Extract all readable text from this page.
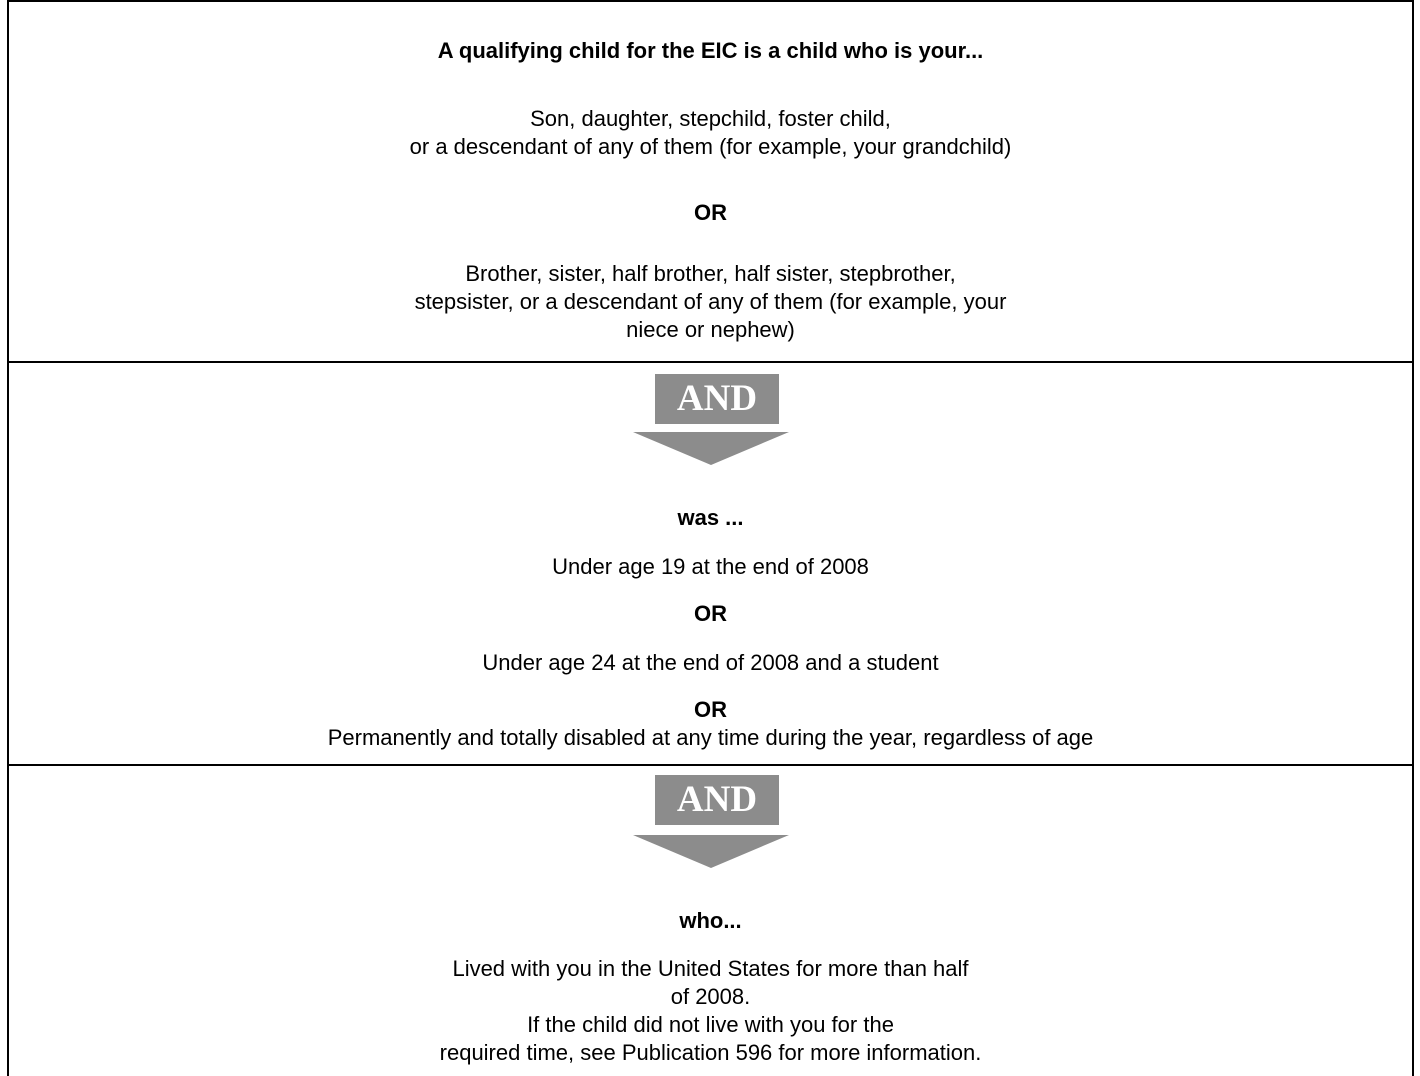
A qualifying child for the EIC is a child who is your...
Son, daughter, stepchild, foster child,
or a descendant of any of them (for example, your grandchild)
OR
Brother, sister, half brother, half sister, stepbrother,
stepsister, or a descendant of any of them (for example, your
niece or nephew)
AND
was ...
Under age 19 at the end of 2008
OR
Under age 24 at the end of 2008 and a student
OR
Permanently and totally disabled at any time during the year, regardless of age
AND
who...
Lived with you in the United States for more than half
of 2008.
If the child did not live with you for the
required time, see Publication 596 for more information.
